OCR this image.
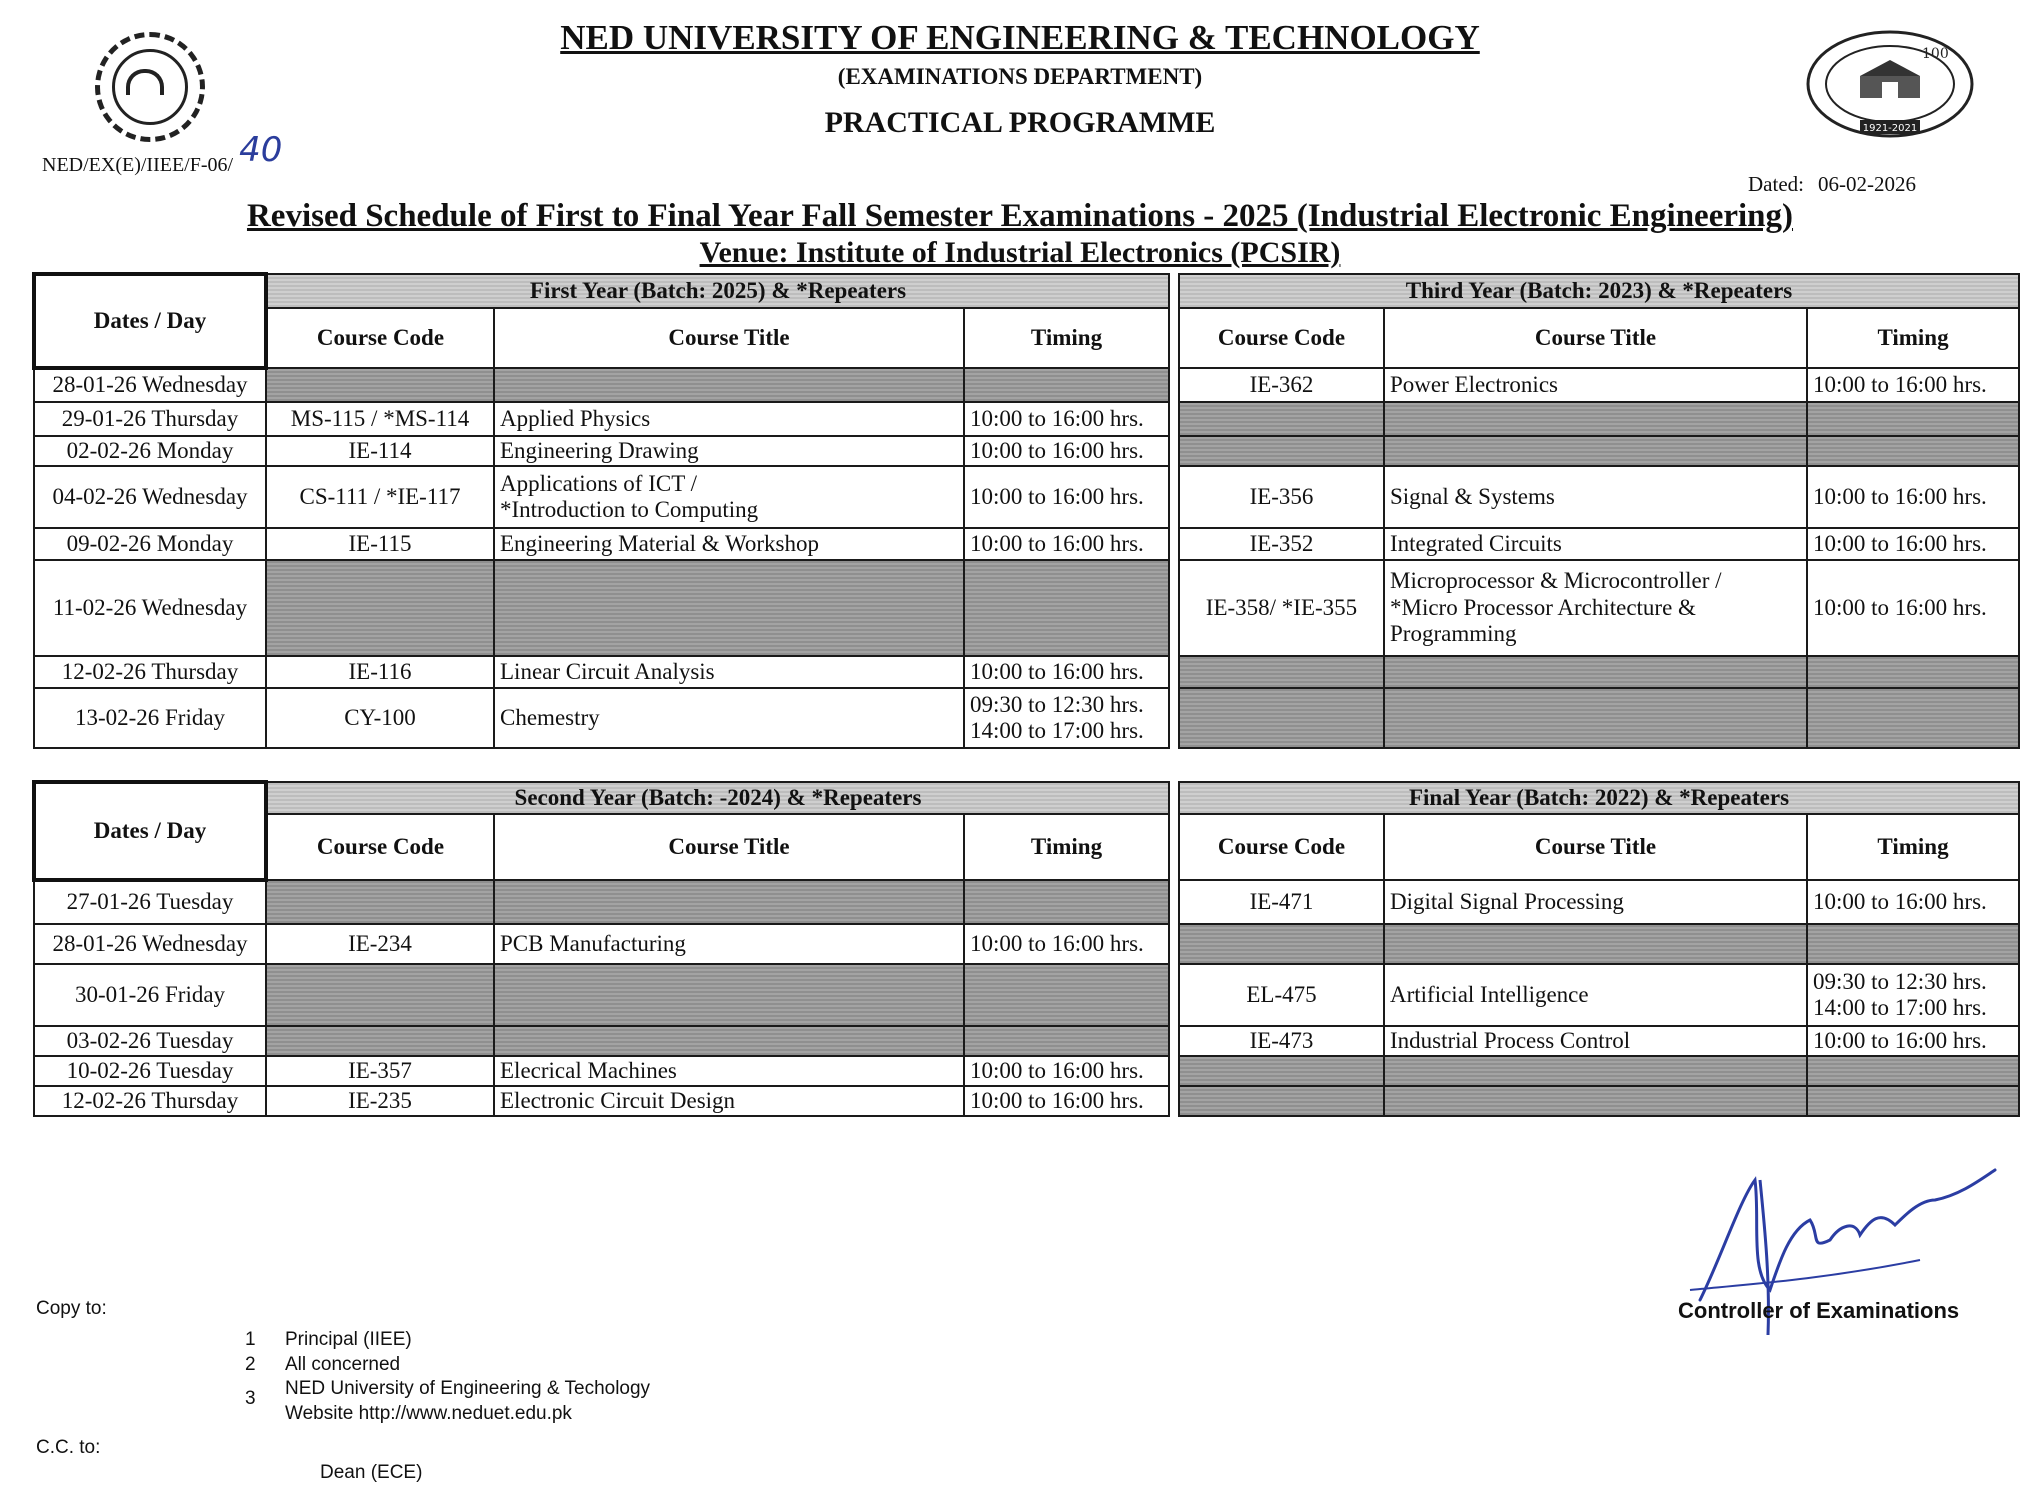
NED UNIVERSITY OF ENGINEERING & TECHNOLOGY
(EXAMINATIONS DEPARTMENT)
PRACTICAL PROGRAMME
100
1921-2021
NED/EX(E)/IIEE/F-06/ 40
Dated: 06-02-2026
Revised Schedule of First to Final Year Fall Semester Examinations - 2025 (Industrial Electronic Engineering)
Venue: Institute of Industrial Electronics (PCSIR)
Dates / Day	First Year (Batch: 2025) & *Repeaters				Third Year (Batch: 2023) & *Repeaters		
	Course Code	Course Title	Timing		Course Code	Course Title	Timing
28-01-26 Wednesday					IE-362	Power Electronics	10:00 to 16:00 hrs.
29-01-26 Thursday	MS-115 / *MS-114	Applied Physics	10:00 to 16:00 hrs.				
02-02-26 Monday	IE-114	Engineering Drawing	10:00 to 16:00 hrs.				
04-02-26 Wednesday	CS-111 / *IE-117	Applications of ICT /
*Introduction to Computing	10:00 to 16:00 hrs.		IE-356	Signal & Systems	10:00 to 16:00 hrs.
09-02-26 Monday	IE-115	Engineering Material & Workshop	10:00 to 16:00 hrs.		IE-352	Integrated Circuits	10:00 to 16:00 hrs.
11-02-26 Wednesday					IE-358/ *IE-355	Microprocessor & Microcontroller /
*Micro Processor Architecture &
Programming	10:00 to 16:00 hrs.
12-02-26 Thursday	IE-116	Linear Circuit Analysis	10:00 to 16:00 hrs.				
13-02-26 Friday	CY-100	Chemestry	09:30 to 12:30 hrs.
14:00 to 17:00 hrs.				
Dates / Day	Second Year (Batch: -2024) & *Repeaters				Final Year (Batch: 2022) & *Repeaters		
	Course Code	Course Title	Timing		Course Code	Course Title	Timing
27-01-26 Tuesday					IE-471	Digital Signal Processing	10:00 to 16:00 hrs.
28-01-26 Wednesday	IE-234	PCB Manufacturing	10:00 to 16:00 hrs.				
30-01-26 Friday					EL-475	Artificial Intelligence	09:30 to 12:30 hrs.
14:00 to 17:00 hrs.
03-02-26 Tuesday					IE-473	Industrial Process Control	10:00 to 16:00 hrs.
10-02-26 Tuesday	IE-357	Elecrical Machines	10:00 to 16:00 hrs.				
12-02-26 Thursday	IE-235	Electronic Circuit Design	10:00 to 16:00 hrs.				
Controller of Examinations
Copy to:
1	Principal (IIEE)
2	All concerned
3	NED University of Engineering & Techology
Website http://www.neduet.edu.pk
C.C. to:
Dean (ECE)
